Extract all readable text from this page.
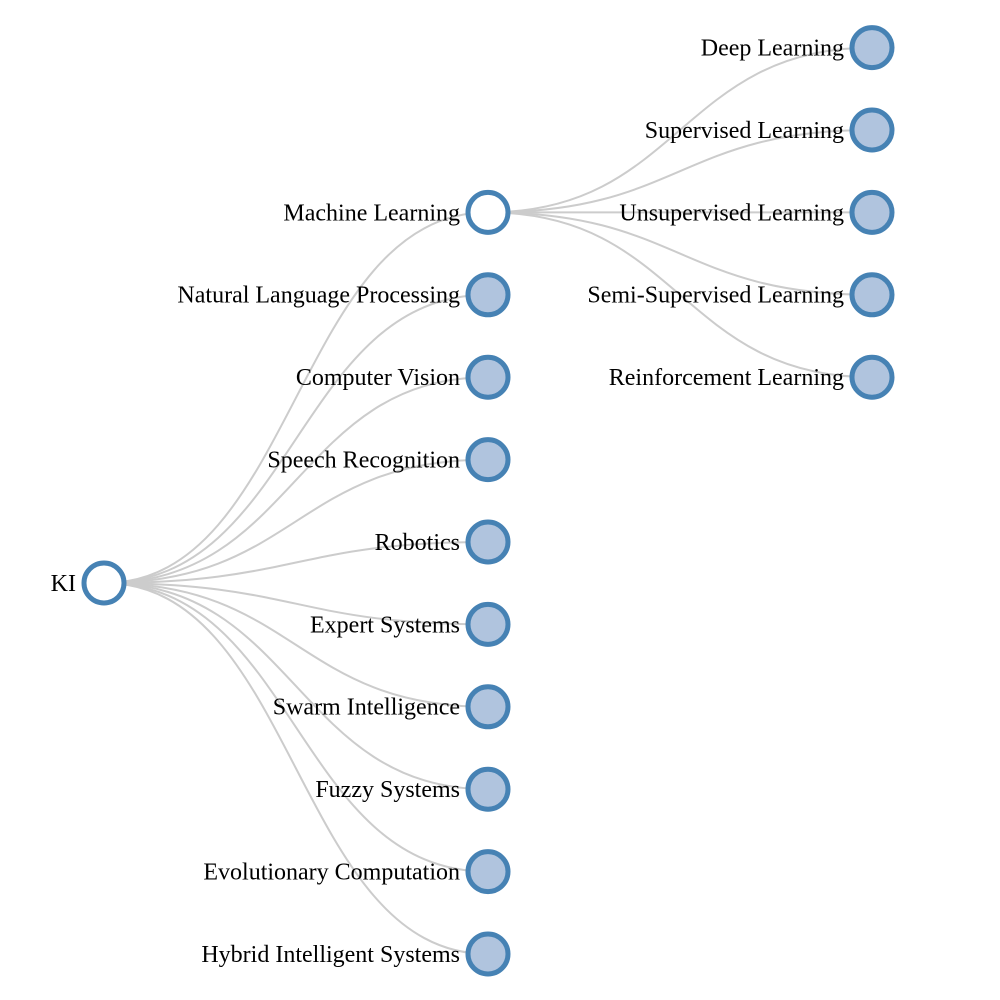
KI
Machine Learning
Natural Language Processing
Computer Vision
Speech Recognition
Robotics
Expert Systems
Swarm Intelligence
Fuzzy Systems
Evolutionary Computation
Hybrid Intelligent Systems
Deep Learning
Supervised Learning
Unsupervised Learning
Semi-Supervised Learning
Reinforcement Learning
